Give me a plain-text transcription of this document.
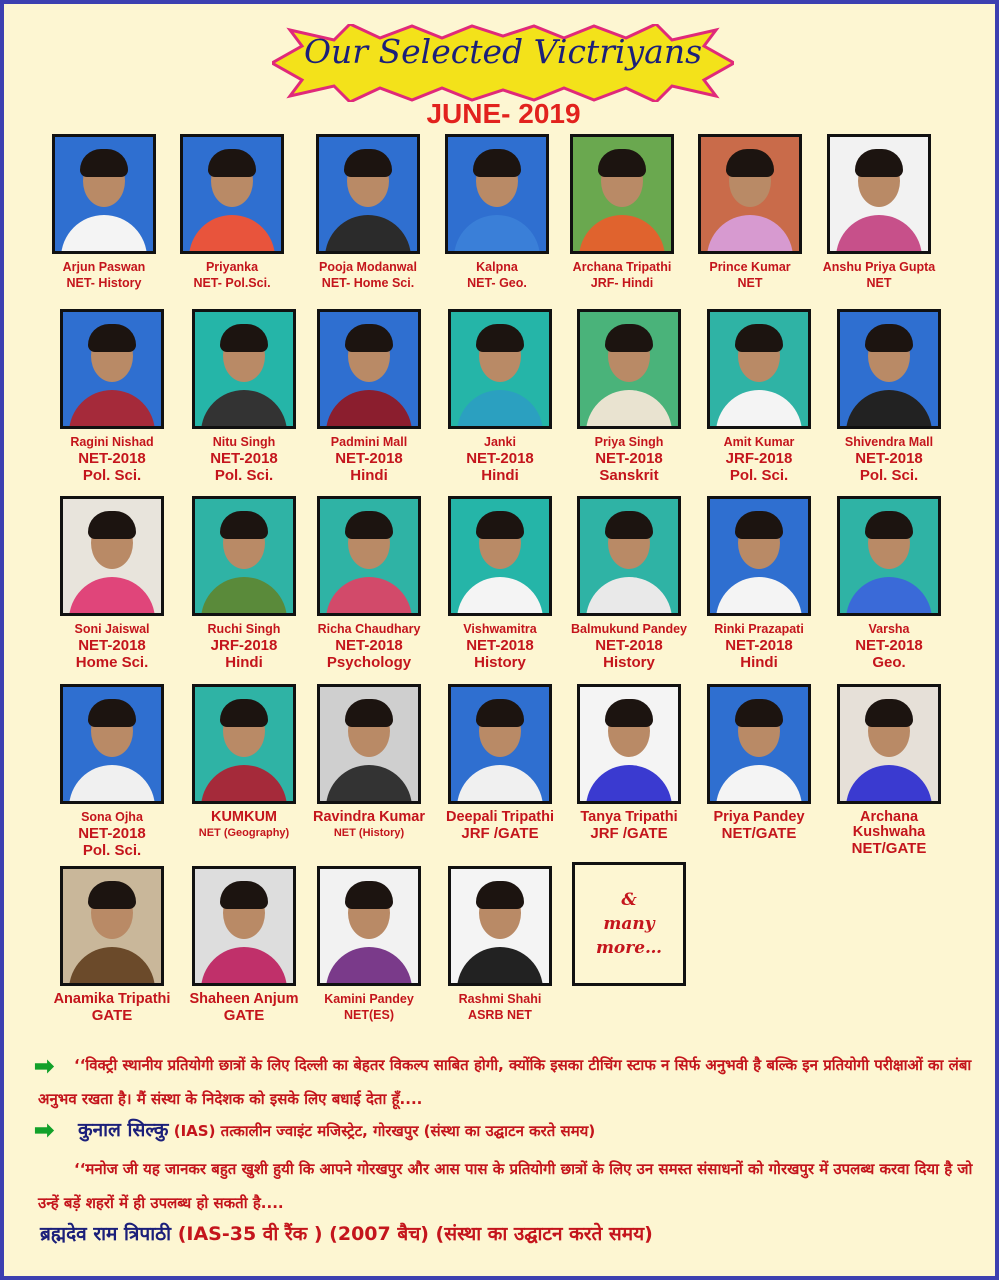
Our Selected Victriyans
JUNE- 2019
Arjun Paswan
NET- History
Priyanka
NET- Pol.Sci.
Pooja Modanwal
NET- Home Sci.
Kalpna
NET- Geo.
Archana Tripathi
JRF- Hindi
Prince Kumar
NET
Anshu Priya Gupta
NET
Ragini Nishad
NET-2018
Pol. Sci.
Nitu Singh
NET-2018
Pol. Sci.
Padmini Mall
NET-2018
Hindi
Janki
NET-2018
Hindi
Priya Singh
NET-2018
Sanskrit
Amit Kumar
JRF-2018
Pol. Sci.
Shivendra Mall
NET-2018
Pol. Sci.
Soni Jaiswal
NET-2018
Home Sci.
Ruchi Singh
JRF-2018
Hindi
Richa Chaudhary
NET-2018
Psychology
Vishwamitra
NET-2018
History
Balmukund Pandey
NET-2018
History
Rinki Prazapati
NET-2018
Hindi
Varsha
NET-2018
Geo.
Sona Ojha
NET-2018
Pol. Sci.
KUMKUM
NET (Geography)
Ravindra Kumar
NET (History)
Deepali Tripathi
JRF /GATE
Tanya Tripathi
JRF /GATE
Priya Pandey
NET/GATE
Archana Kushwaha
NET/GATE
Anamika Tripathi
GATE
Shaheen Anjum
GATE
Kamini Pandey
NET(ES)
Rashmi Shahi
ASRB NET
&
many
more…
➡	‘‘विक्ट्री स्थानीय प्रतियोगी छात्रों के लिए दिल्ली का बेहतर विकल्प साबित होगी, क्योंकि इसका टीचिंग स्टाफ न सिर्फ अनुभवी है बल्कि इन प्रतियोगी परीक्षाओं का लंबा अनुभव रखता है। मैं संस्था के निदेशक को इसके लिए बधाई देता हूँ....
➡ कुनाल सिल्कु (IAS) तत्कालीन ज्वाइंट मजिस्ट्रेट, गोरखपुर (संस्था का उद्घाटन करते समय)
‘‘मनोज जी यह जानकर बहुत खुशी हुयी कि आपने गोरखपुर और आस पास के प्रतियोगी छात्रों के लिए उन समस्त संसाधनों को गोरखपुर में उपलब्ध करवा दिया है जो उन्हें बड़ें शहरों में ही उपलब्ध हो सकती है....
ब्रह्मदेव राम त्रिपाठी (IAS-35 वी रैंक ) (2007 बैच) (संस्था का उद्घाटन करते समय)
